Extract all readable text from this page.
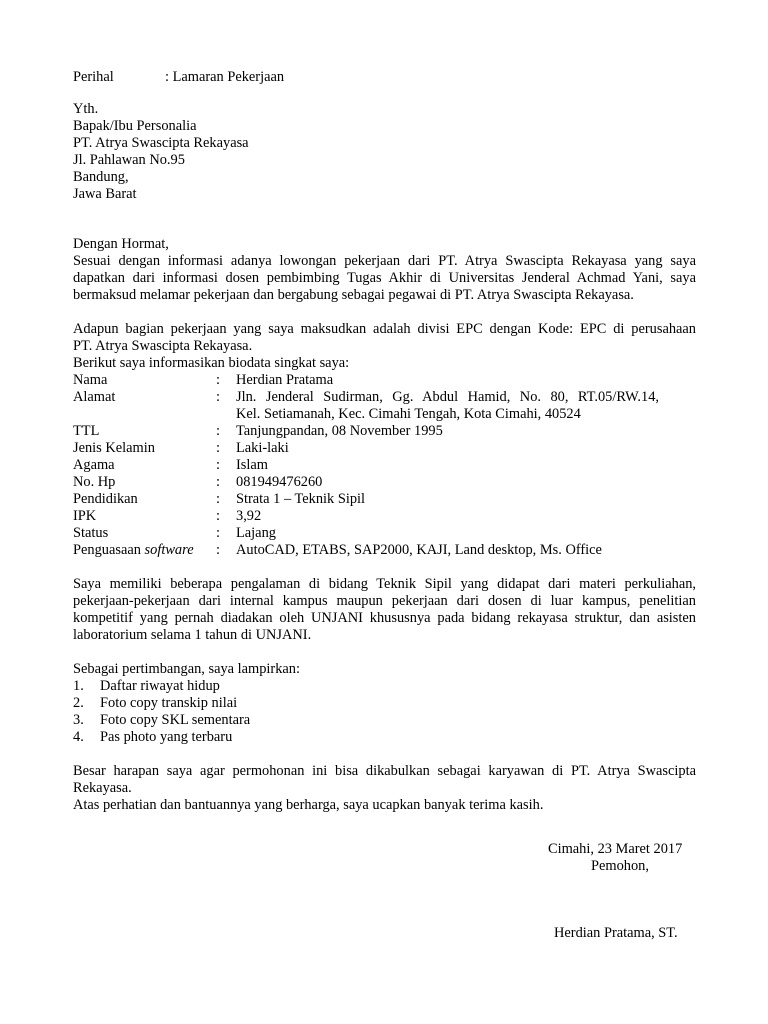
Perihal	: Lamaran Pekerjaan
Yth.
Bapak/Ibu Personalia
PT. Atrya Swascipta Rekayasa
Jl. Pahlawan No.95
Bandung,
Jawa Barat
Dengan Hormat,
Sesuai dengan informasi adanya lowongan pekerjaan dari PT. Atrya Swascipta Rekayasa yang saya
dapatkan dari informasi dosen pembimbing Tugas Akhir di Universitas Jenderal Achmad Yani, saya
bermaksud melamar pekerjaan dan bergabung sebagai pegawai di PT. Atrya Swascipta Rekayasa.
Adapun bagian pekerjaan yang saya maksudkan adalah divisi EPC dengan Kode: EPC di perusahaan
PT. Atrya Swascipta Rekayasa.
Berikut saya informasikan biodata singkat saya:
Nama	:	Herdian Pratama
Alamat	:	Jln. Jenderal Sudirman, Gg. Abdul Hamid, No. 80, RT.05/RW.14,
Kel. Setiamanah, Kec. Cimahi Tengah, Kota Cimahi, 40524
TTL	:	Tanjungpandan, 08 November 1995
Jenis Kelamin	:	Laki-laki
Agama	:	Islam
No. Hp	:	081949476260
Pendidikan	:	Strata 1 – Teknik Sipil
IPK	:	3,92
Status	:	Lajang
Penguasaan software	:	AutoCAD, ETABS, SAP2000, KAJI, Land desktop, Ms. Office
Saya memiliki beberapa pengalaman di bidang Teknik Sipil yang didapat dari materi perkuliahan,
pekerjaan-pekerjaan dari internal kampus maupun pekerjaan dari dosen di luar kampus, penelitian
kompetitif yang pernah diadakan oleh UNJANI khususnya pada bidang rekayasa struktur, dan asisten
laboratorium selama 1 tahun di UNJANI.
Sebagai pertimbangan, saya lampirkan:
1.	Daftar riwayat hidup
2.	Foto copy transkip nilai
3.	Foto copy SKL sementara
4.	Pas photo yang terbaru
Besar harapan saya agar permohonan ini bisa dikabulkan sebagai karyawan di PT. Atrya Swascipta
Rekayasa.
Atas perhatian dan bantuannya yang berharga, saya ucapkan banyak terima kasih.
Cimahi, 23 Maret 2017
Pemohon,
Herdian Pratama, ST.
